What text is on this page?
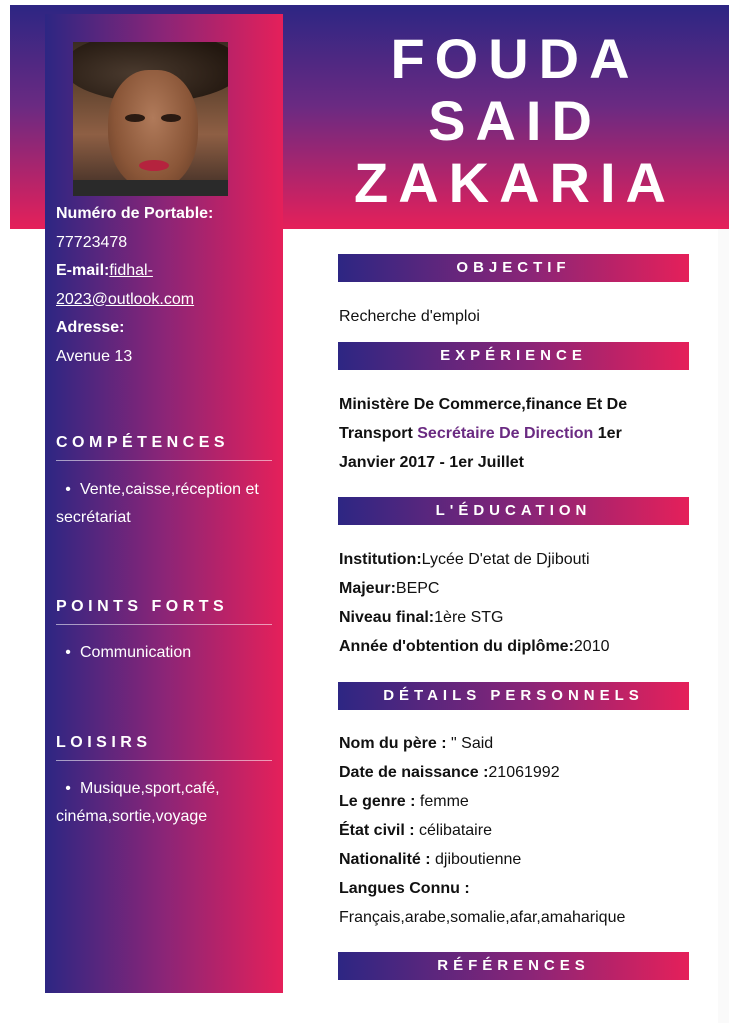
Numéro de Portable:
77723478
E-mail:fidhal-
2023@outlook.com
Adresse:
Avenue 13
COMPÉTENCES
• Vente,caisse,réception et secrétariat
POINTS FORTS
• Communication
LOISIRS
• Musique,sport,café, cinéma,sortie,voyage
FOUDA
SAID
ZAKARIA
OBJECTIF
Recherche d'emploi
EXPÉRIENCE
Ministère De Commerce,finance Et De Transport Secrétaire De Direction 1er Janvier 2017 - 1er Juillet
L'ÉDUCATION
Institution:Lycée D'etat de Djibouti
Majeur:BEPC
Niveau final:1ère STG
Année d'obtention du diplôme:2010
DÉTAILS PERSONNELS
Nom du père : " Said
Date de naissance :21061992
Le genre : femme
État civil : célibataire
Nationalité : djiboutienne
Langues Connu :
Français,arabe,somalie,afar,amaharique
RÉFÉRENCES
